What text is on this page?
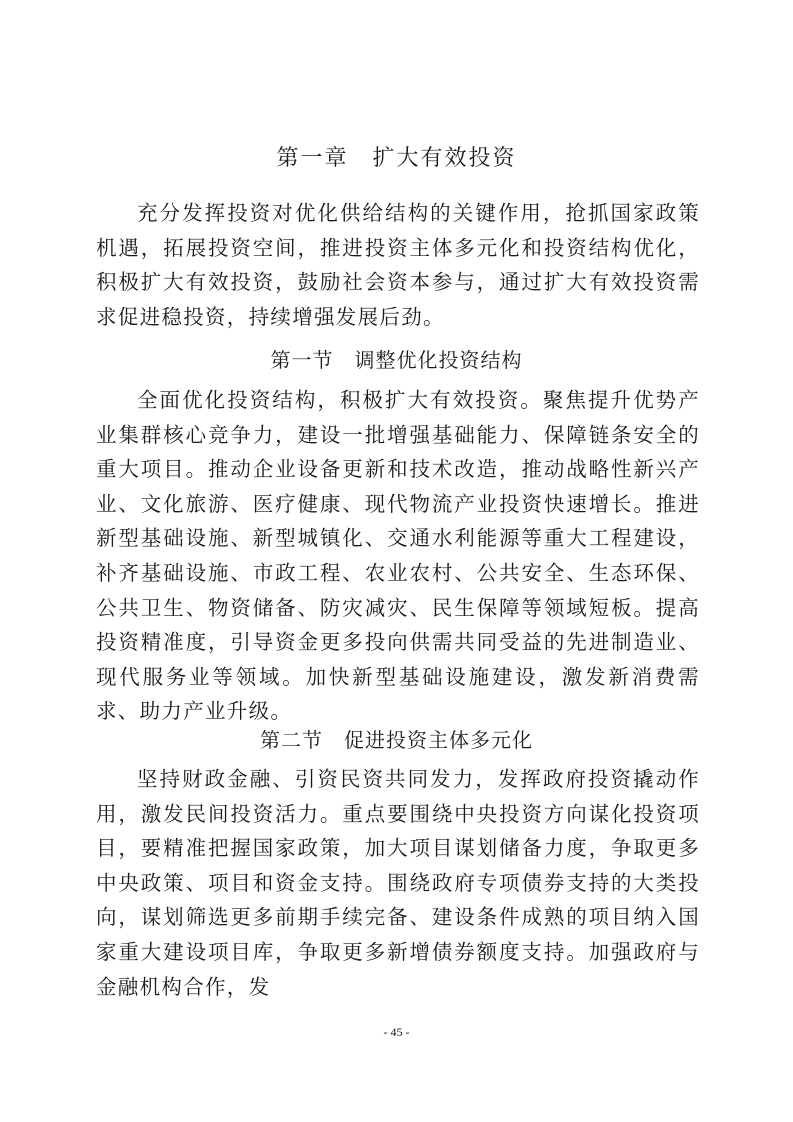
第一章　扩大有效投资

充分发挥投资对优化供给结构的关键作用，抢抓国家政策机遇，拓展投资空间，推进投资主体多元化和投资结构优化，积极扩大有效投资，鼓励社会资本参与，通过扩大有效投资需求促进稳投资，持续增强发展后劲。

第一节　调整优化投资结构

全面优化投资结构，积极扩大有效投资。聚焦提升优势产业集群核心竞争力，建设一批增强基础能力、保障链条安全的重大项目。推动企业设备更新和技术改造，推动战略性新兴产业、文化旅游、医疗健康、现代物流产业投资快速增长。推进新型基础设施、新型城镇化、交通水利能源等重大工程建设，补齐基础设施、市政工程、农业农村、公共安全、生态环保、公共卫生、物资储备、防灾减灾、民生保障等领域短板。提高投资精准度，引导资金更多投向供需共同受益的先进制造业、现代服务业等领域。加快新型基础设施建设，激发新消费需求、助力产业升级。

第二节　促进投资主体多元化

坚持财政金融、引资民资共同发力，发挥政府投资撬动作用，激发民间投资活力。重点要围绕中央投资方向谋化投资项目，要精准把握国家政策，加大项目谋划储备力度，争取更多中央政策、项目和资金支持。围绕政府专项债券支持的大类投向，谋划筛选更多前期手续完备、建设条件成熟的项目纳入国家重大建设项目库，争取更多新增债券额度支持。加强政府与金融机构合作，发

- 45 -
